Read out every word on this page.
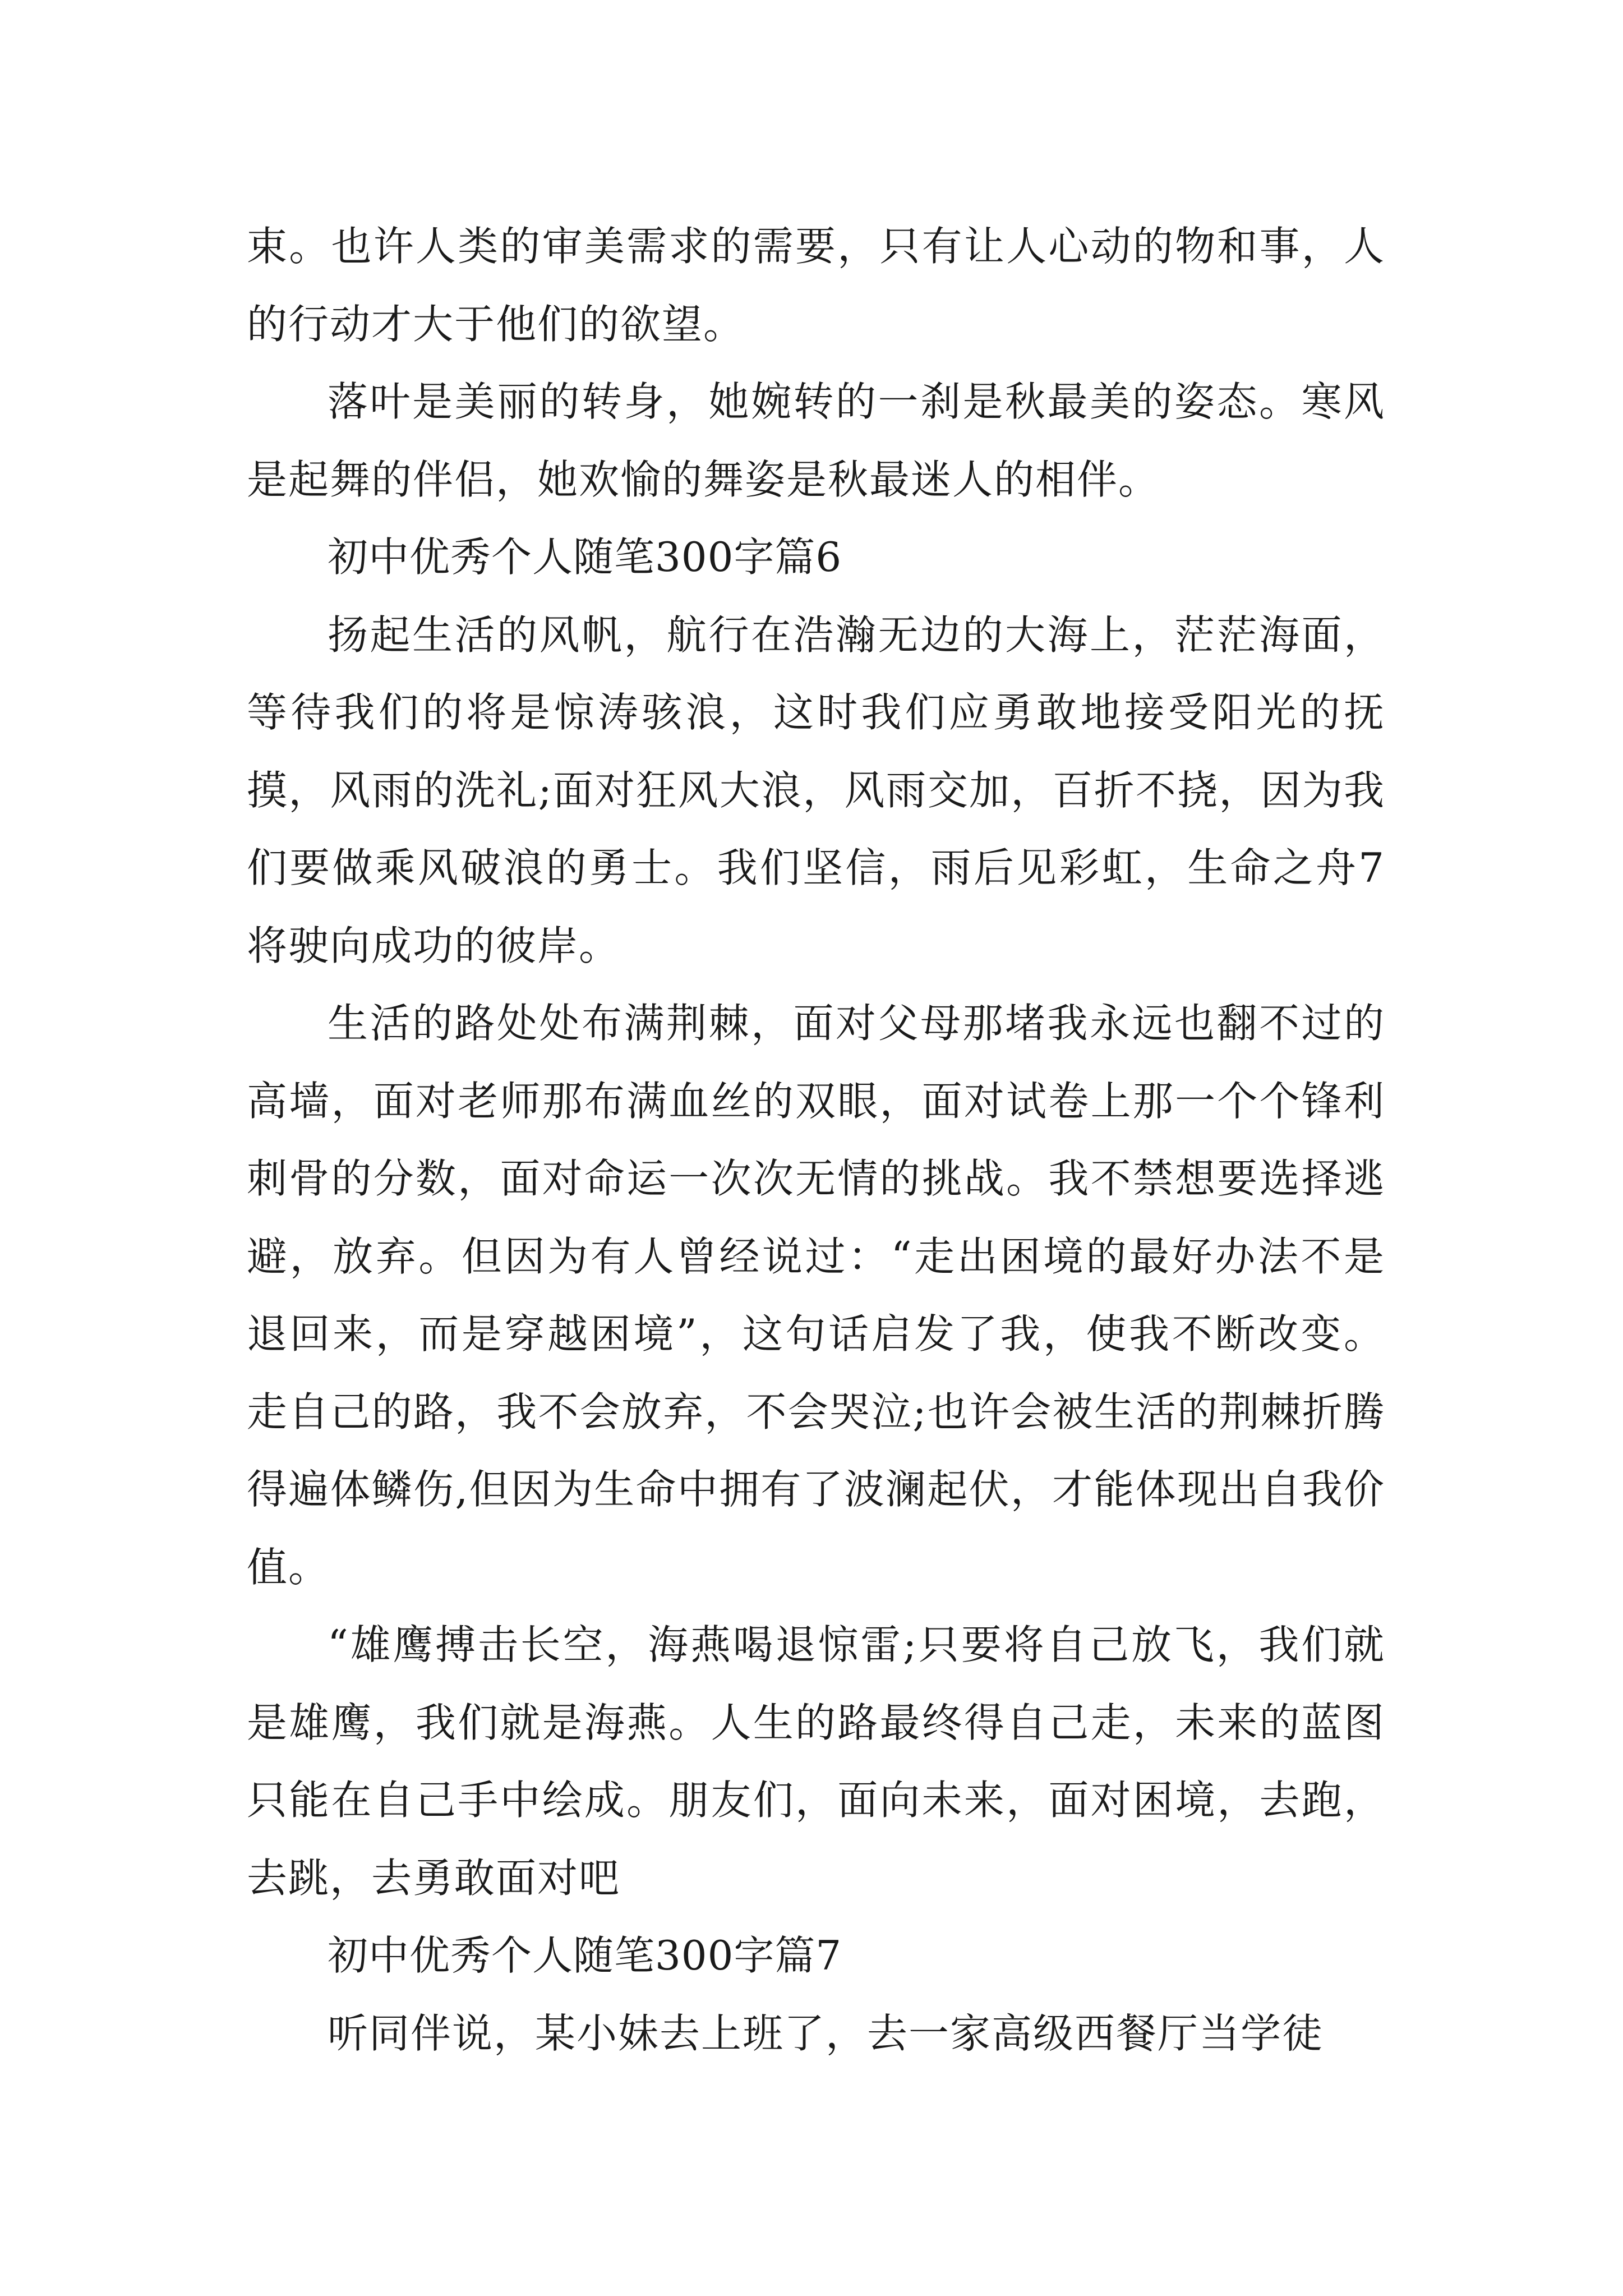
束。也许人类的审美需求的需要，只有让人心动的物和事，人的行动才大于他们的欲望。

落叶是美丽的转身，她婉转的一刹是秋最美的姿态。寒风是起舞的伴侣，她欢愉的舞姿是秋最迷人的相伴。

初中优秀个人随笔300字篇6

扬起生活的风帆，航行在浩瀚无边的大海上，茫茫海面，等待我们的将是惊涛骇浪，这时我们应勇敢地接受阳光的抚摸，风雨的洗礼;面对狂风大浪，风雨交加，百折不挠，因为我们要做乘风破浪的勇士。我们坚信，雨后见彩虹，生命之舟7将驶向成功的彼岸。

生活的路处处布满荆棘，面对父母那堵我永远也翻不过的高墙，面对老师那布满血丝的双眼，面对试卷上那一个个锋利刺骨的分数，面对命运一次次无情的挑战。我不禁想要选择逃避，放弃。但因为有人曾经说过：“走出困境的最好办法不是退回来，而是穿越困境”，这句话启发了我，使我不断改变。走自己的路，我不会放弃，不会哭泣;也许会被生活的荆棘折腾得遍体鳞伤,但因为生命中拥有了波澜起伏，才能体现出自我价值。

“雄鹰搏击长空，海燕喝退惊雷;只要将自己放飞，我们就是雄鹰，我们就是海燕。人生的路最终得自己走，未来的蓝图只能在自己手中绘成。朋友们，面向未来，面对困境，去跑，去跳，去勇敢面对吧

初中优秀个人随笔300字篇7

听同伴说，某小妹去上班了，去一家高级西餐厅当学徒
